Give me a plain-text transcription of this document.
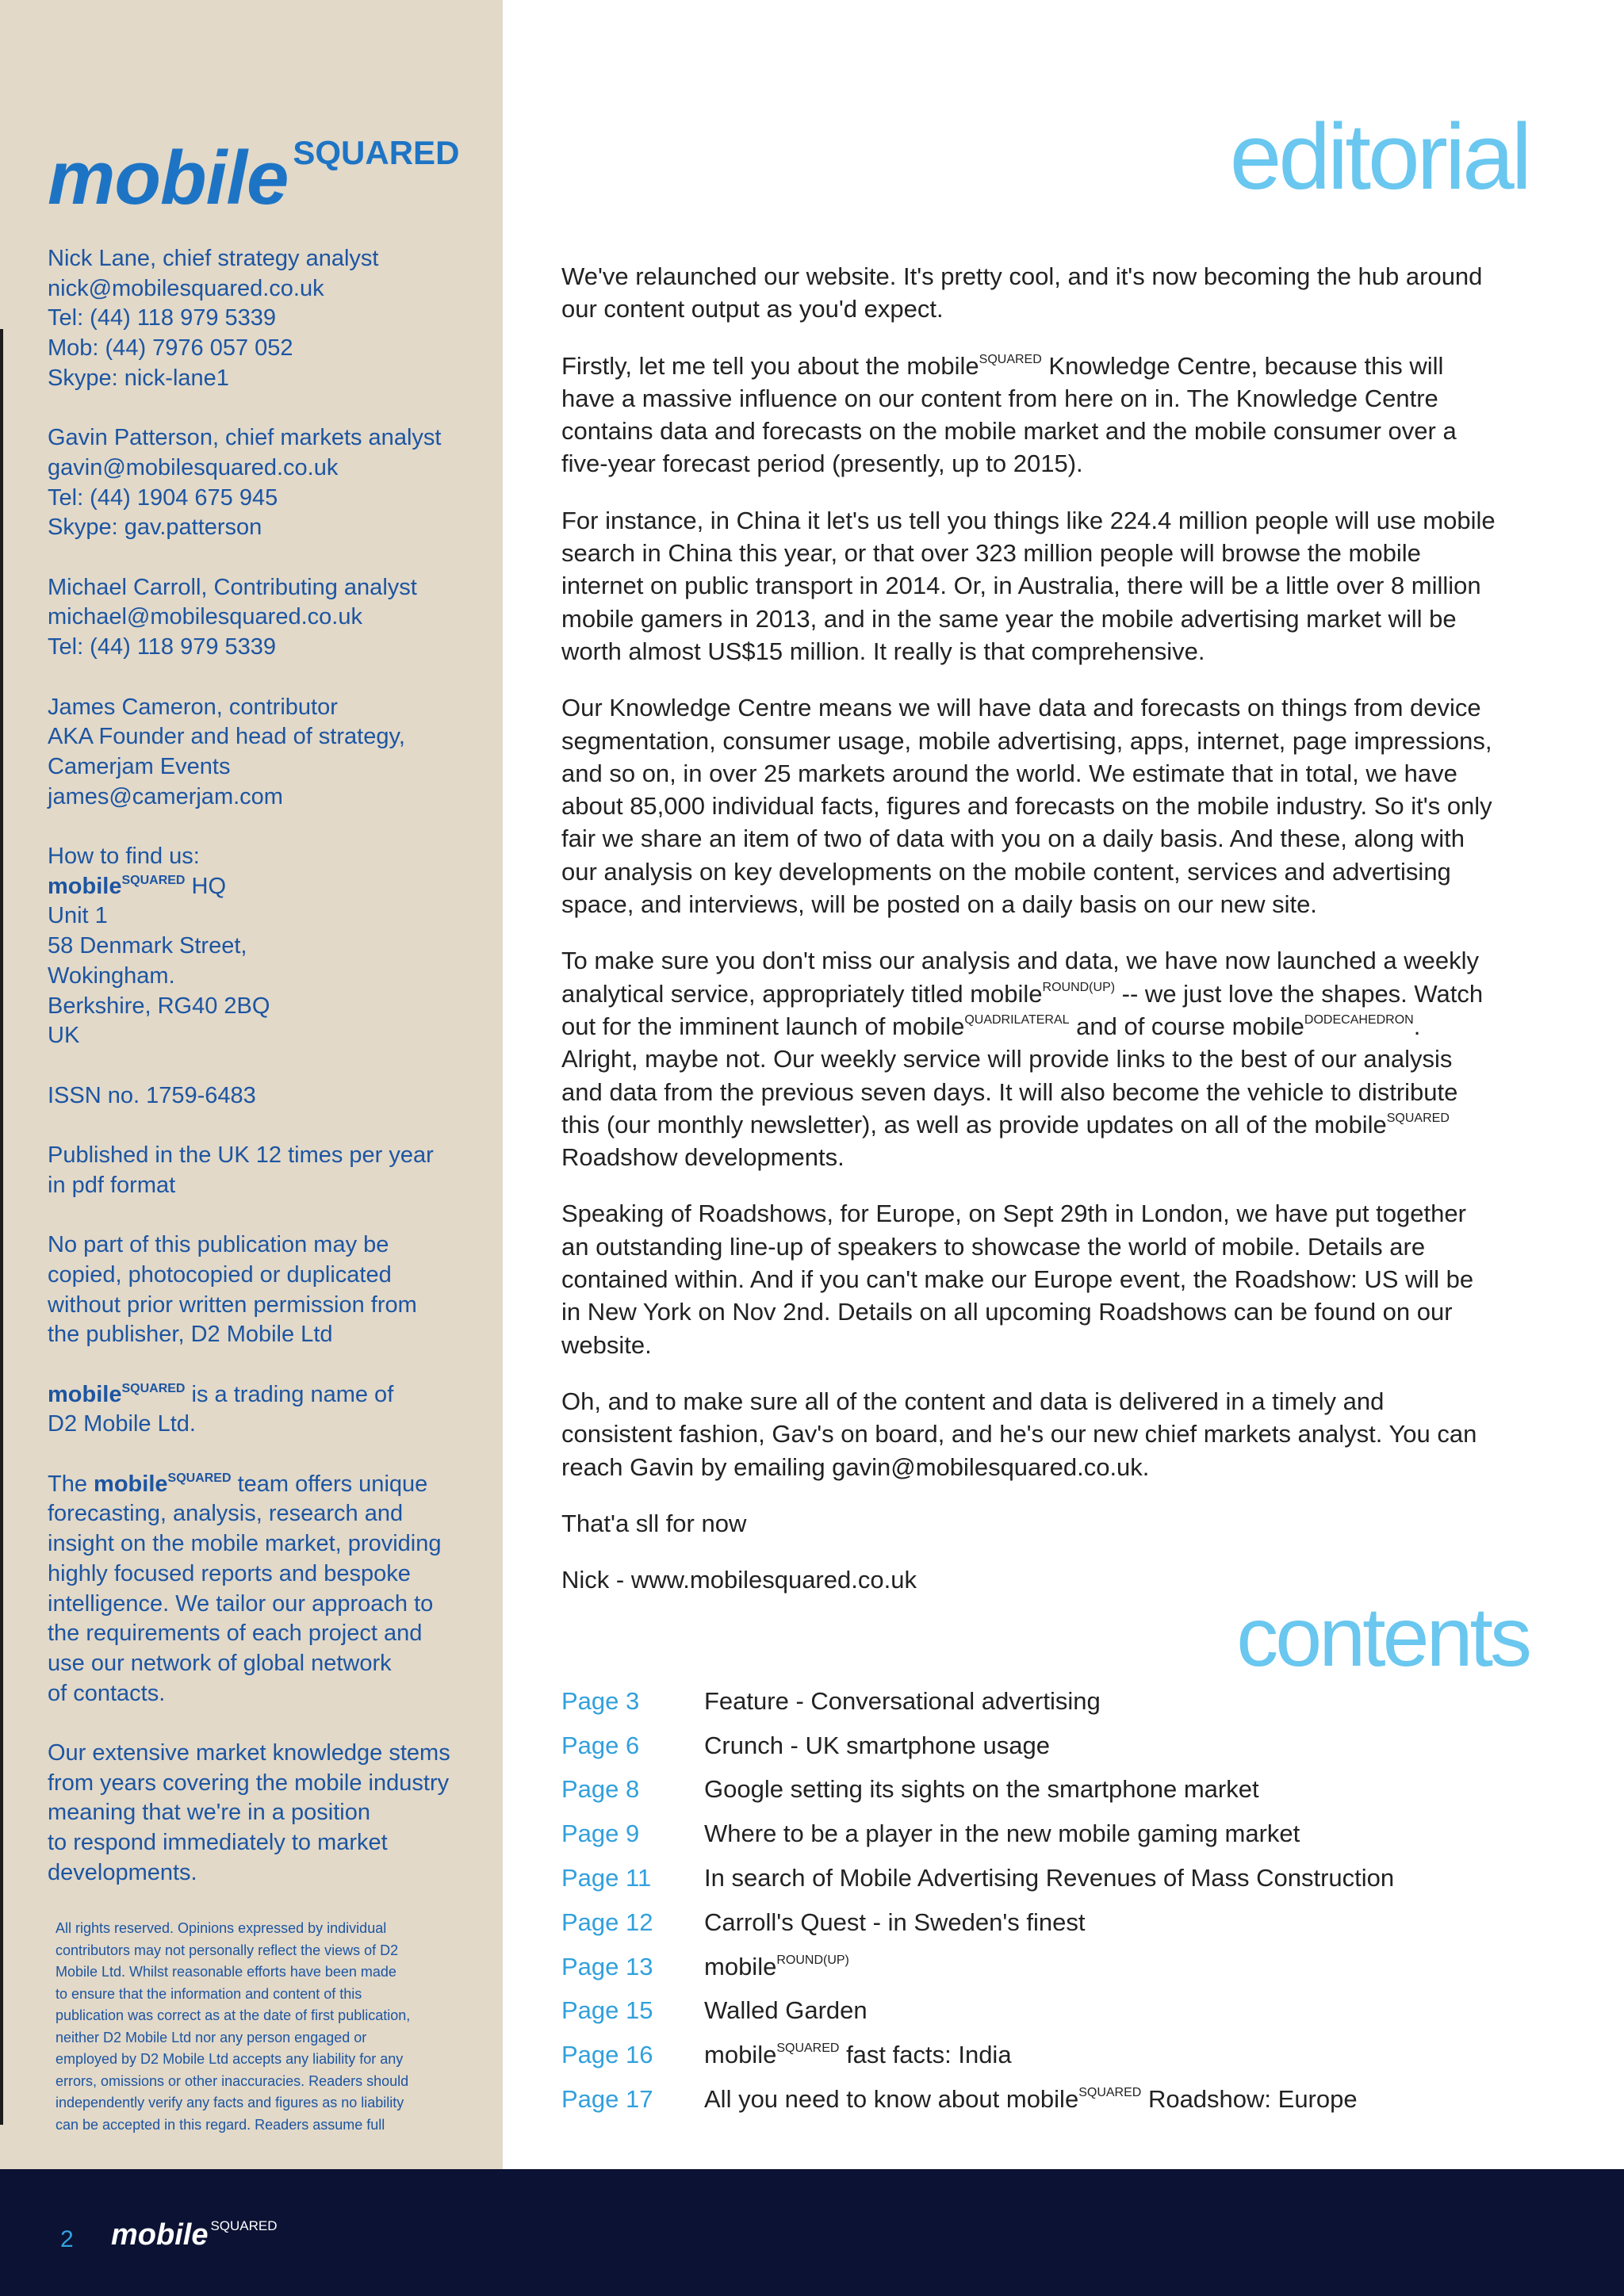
mobile SQUARED
Nick Lane, chief strategy analyst
nick@mobilesquared.co.uk
Tel: (44) 118 979 5339
Mob: (44) 7976 057 052
Skype: nick-lane1
Gavin Patterson, chief markets analyst
gavin@mobilesquared.co.uk
Tel: (44) 1904 675 945
Skype: gav.patterson
Michael Carroll, Contributing analyst
michael@mobilesquared.co.uk
Tel: (44) 118 979 5339
James Cameron, contributor
AKA Founder and head of strategy,
Camerjam Events
james@camerjam.com
How to find us:
mobile$^{SQUARED}$ HQ
Unit 1
58 Denmark Street,
Wokingham.
Berkshire, RG40 2BQ
UK
ISSN no. 1759-6483
Published in the UK 12 times per year
in pdf format
No part of this publication may be
copied, photocopied or duplicated
without prior written permission from
the publisher, D2 Mobile Ltd
mobile$^{SQUARED}$ is a trading name of
D2 Mobile Ltd.
The mobile$^{SQUARED}$ team offers unique
forecasting, analysis, research and
insight on the mobile market, providing
highly focused reports and bespoke
intelligence. We tailor our approach to
the requirements of each project and
use our network of global network
of contacts.
Our extensive market knowledge stems
from years covering the mobile industry
meaning that we're in a position
to respond immediately to market
developments.
All rights reserved. Opinions expressed by individual
contributors may not personally reflect the views of D2
Mobile Ltd. Whilst reasonable efforts have been made
to ensure that the information and content of this
publication was correct as at the date of first publication,
neither D2 Mobile Ltd nor any person engaged or
employed by D2 Mobile Ltd accepts any liability for any
errors, omissions or other inaccuracies. Readers should
independently verify any facts and figures as no liability
can be accepted in this regard. Readers assume full
editorial

We've relaunched our website. It's pretty cool, and it's now becoming the hub around
our content output as you'd expect.

Firstly, let me tell you about the mobile$^{SQUARED}$ Knowledge Centre, because this will
have a massive influence on our content from here on in. The Knowledge Centre
contains data and forecasts on the mobile market and the mobile consumer over a
five-year forecast period (presently, up to 2015).

For instance, in China it let's us tell you things like 224.4 million people will use mobile
search in China this year, or that over 323 million people will browse the mobile
internet on public transport in 2014. Or, in Australia, there will be a little over 8 million
mobile gamers in 2013, and in the same year the mobile advertising market will be
worth almost US$15 million. It really is that comprehensive.

Our Knowledge Centre means we will have data and forecasts on things from device
segmentation, consumer usage, mobile advertising, apps, internet, page impressions,
and so on, in over 25 markets around the world. We estimate that in total, we have
about 85,000 individual facts, figures and forecasts on the mobile industry. So it's only
fair we share an item of two of data with you on a daily basis. And these, along with
our analysis on key developments on the mobile content, services and advertising
space, and interviews, will be posted on a daily basis on our new site.

To make sure you don't miss our analysis and data, we have now launched a weekly
analytical service, appropriately titled mobile$^{ROUND(UP)}$ -- we just love the shapes. Watch
out for the imminent launch of mobile$^{QUADRILATERAL}$ and of course mobile$^{DODECAHEDRON}$.
Alright, maybe not. Our weekly service will provide links to the best of our analysis
and data from the previous seven days. It will also become the vehicle to distribute
this (our monthly newsletter), as well as provide updates on all of the mobile$^{SQUARED}$
Roadshow developments.

Speaking of Roadshows, for Europe, on Sept 29th in London, we have put together
an outstanding line-up of speakers to showcase the world of mobile. Details are
contained within. And if you can't make our Europe event, the Roadshow: US will be
in New York on Nov 2nd. Details on all upcoming Roadshows can be found on our
website.

Oh, and to make sure all of the content and data is delivered in a timely and
consistent fashion, Gav's on board, and he's our new chief markets analyst. You can
reach Gavin by emailing gavin@mobilesquared.co.uk.

That'a sll for now

Nick - www.mobilesquared.co.uk

contents
Page 3	Feature - Conversational advertising
Page 6	Crunch - UK smartphone usage
Page 8	Google setting its sights on the smartphone market
Page 9	Where to be a player in the new mobile gaming market
Page 11	In search of Mobile Advertising Revenues of Mass Construction
Page 12	Carroll's Quest - in Sweden's finest
Page 13	mobile$^{ROUND(UP)}$
Page 15	Walled Garden
Page 16	mobile$^{SQUARED}$ fast facts: India
Page 17	All you need to know about mobile$^{SQUARED}$ Roadshow: Europe
2 mobile SQUARED
